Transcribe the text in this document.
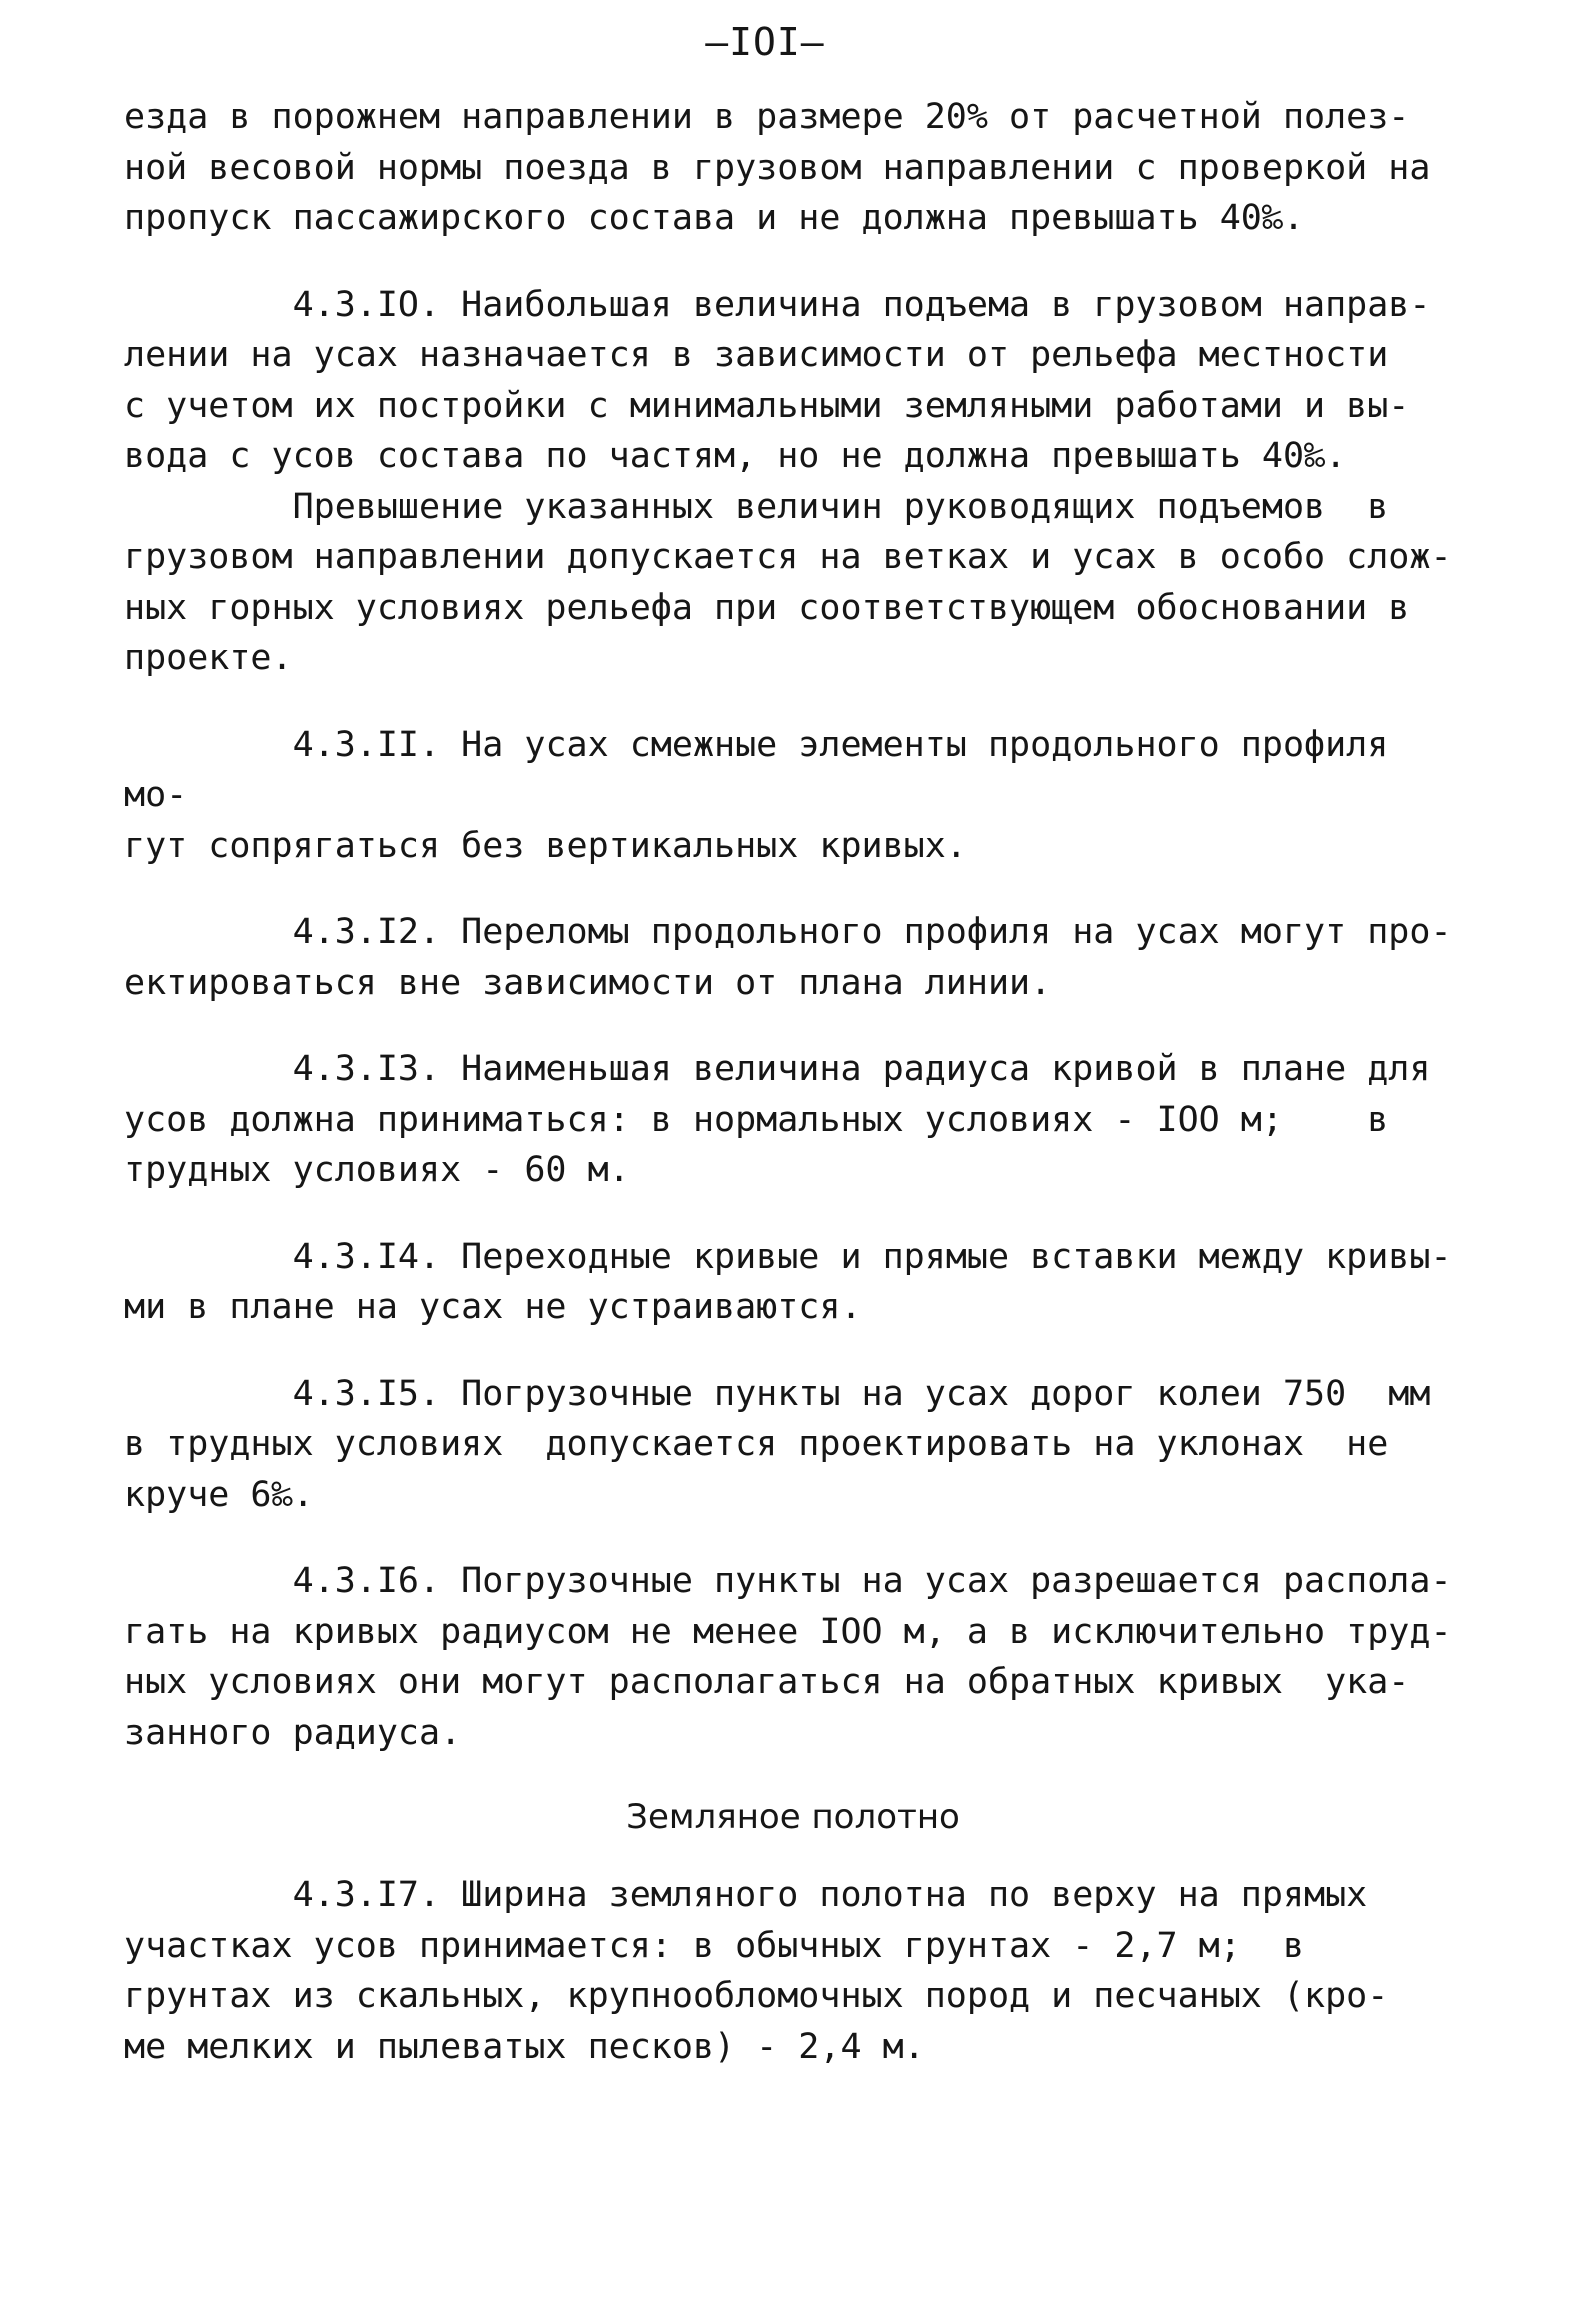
—IOI—

езда в порожнем направлении в размере 20% от расчетной полез-
ной весовой нормы поезда в грузовом направлении с проверкой на
пропуск пассажирского состава и не должна превышать 40‰.

4.3.IO. Наибольшая величина подъема в грузовом направ-
лении на усах назначается в зависимости от рельефа местности
с учетом их постройки с минимальными земляными работами и вы-
вода с усов состава по частям, но не должна превышать 40‰.

Превышение указанных величин руководящих подъемов  в
грузовом направлении допускается на ветках и усах в особо слож-
ных горных условиях рельефа при соответствующем обосновании в
проекте.

4.3.II. На усах смежные элементы продольного профиля мо-
гут сопрягаться без вертикальных кривых.

4.3.I2. Переломы продольного профиля на усах могут про-
ектироваться вне зависимости от плана линии.

4.3.I3. Наименьшая величина радиуса кривой в плане для
усов должна приниматься: в нормальных условиях - IOO м;    в
трудных условиях - 60 м.

4.3.I4. Переходные кривые и прямые вставки между кривы-
ми в плане на усах не устраиваются.

4.3.I5. Погрузочные пункты на усах дорог колеи 750  мм
в трудных условиях  допускается проектировать на уклонах  не
круче 6‰.

4.3.I6. Погрузочные пункты на усах разрешается распола-
гать на кривых радиусом не менее IOO м, а в исключительно труд-
ных условиях они могут располагаться на обратных кривых  ука-
занного радиуса.

Земляное полотно

4.3.I7. Ширина земляного полотна по верху на прямых
участках усов принимается: в обычных грунтах - 2,7 м;  в
грунтах из скальных, крупнообломочных пород и песчаных (кро-
ме мелких и пылеватых песков) - 2,4 м.
